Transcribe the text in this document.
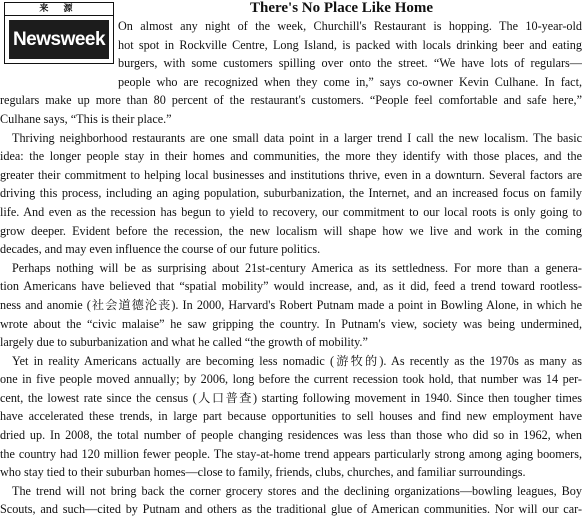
来 源
Newsweek
There's No Place Like Home
On almost any night of the week, Churchill's Restaurant is hopping. The 10-year-old
hot spot in Rockville Centre, Long Island, is packed with locals drinking beer and eating
burgers, with some customers spilling over onto the street. “We have lots of regulars—
people who are recognized when they come in,” says co-owner Kevin Culhane. In fact,
regulars make up more than 80 percent of the restaurant's customers. “People feel comfortable and safe here,”
Culhane says, “This is their place.”
Thriving neighborhood restaurants are one small data point in a larger trend I call the new localism. The basic
idea: the longer people stay in their homes and communities, the more they identify with those places, and the
greater their commitment to helping local businesses and institutions thrive, even in a downturn. Several factors are
driving this process, including an aging population, suburbanization, the Internet, and an increased focus on family
life. And even as the recession has begun to yield to recovery, our commitment to our local roots is only going to
grow deeper. Evident before the recession, the new localism will shape how we live and work in the coming
decades, and may even influence the course of our future politics.
Perhaps nothing will be as surprising about 21st-century America as its settledness. For more than a genera-
tion Americans have believed that “spatial mobility” would increase, and, as it did, feed a trend toward rootless-
ness and anomie (社会道德沦丧). In 2000, Harvard's Robert Putnam made a point in Bowling Alone, in which he
wrote about the “civic malaise” he saw gripping the country. In Putnam's view, society was being undermined,
largely due to suburbanization and what he called “the growth of mobility.”
Yet in reality Americans actually are becoming less nomadic (游牧的). As recently as the 1970s as many as
one in five people moved annually; by 2006, long before the current recession took hold, that number was 14 per-
cent, the lowest rate since the census (人口普查) starting following movement in 1940. Since then tougher times
have accelerated these trends, in large part because opportunities to sell houses and find new employment have
dried up. In 2008, the total number of people changing residences was less than those who did so in 1962, when
the country had 120 million fewer people. The stay-at-home trend appears particularly strong among aging boomers,
who stay tied to their suburban homes—close to family, friends, clubs, churches, and familiar surroundings.
The trend will not bring back the corner grocery stores and the declining organizations—bowling leagues, Boy
Scouts, and such—cited by Putnam and others as the traditional glue of American communities. Nor will our car-
